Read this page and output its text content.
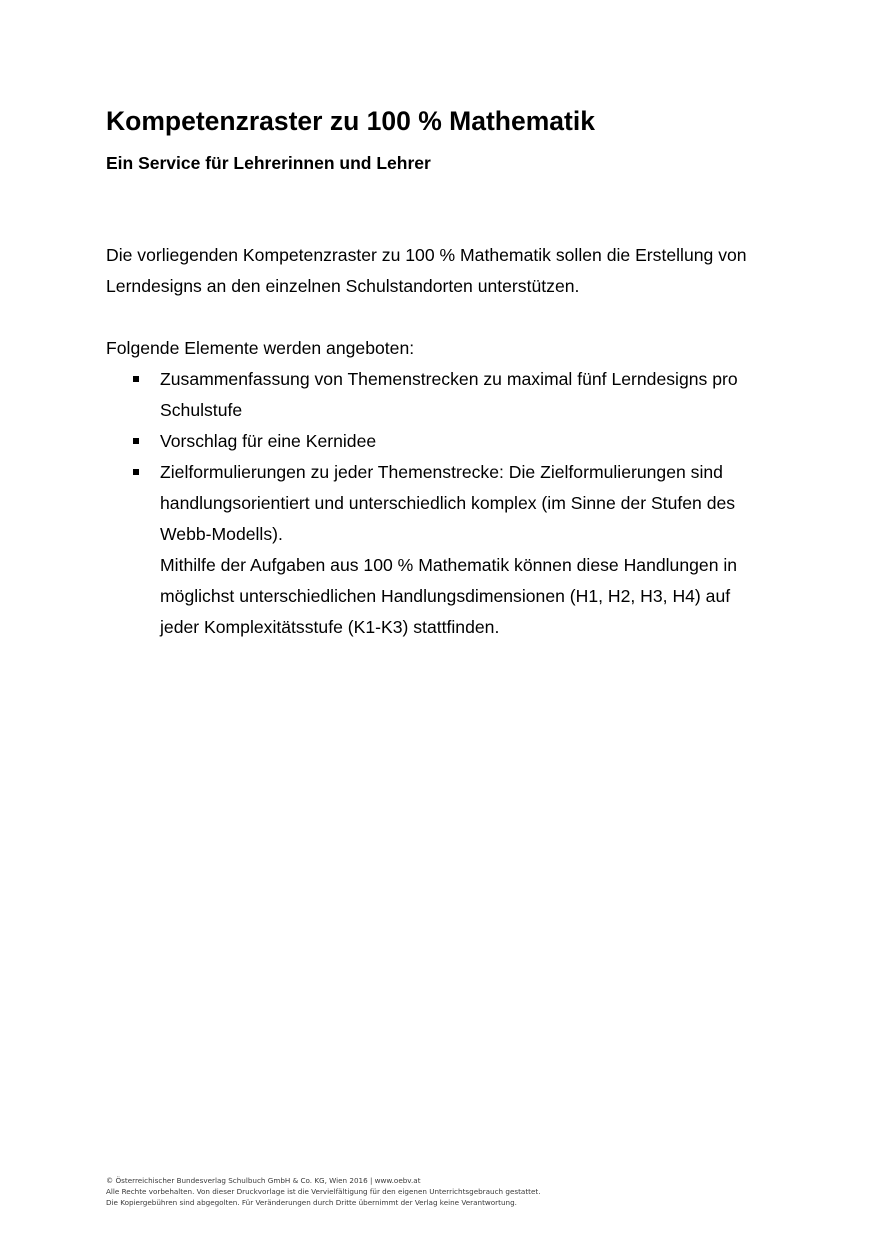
Kompetenzraster zu 100 % Mathematik
Ein Service für Lehrerinnen und Lehrer

Die vorliegenden Kompetenzraster zu 100 % Mathematik sollen die Erstellung von Lerndesigns an den einzelnen Schulstandorten unterstützen.

Folgende Elemente werden angeboten:

Zusammenfassung von Themenstrecken zu maximal fünf Lerndesigns pro Schulstufe

Vorschlag für eine Kernidee

Zielformulierungen zu jeder Themenstrecke: Die Zielformulierungen sind handlungsorientiert und unterschiedlich komplex (im Sinne der Stufen des Webb-Modells).

Mithilfe der Aufgaben aus 100 % Mathematik können diese Handlungen in möglichst unterschiedlichen Handlungsdimensionen (H1, H2, H3, H4) auf jeder Komplexitätsstufe (K1-K3) stattfinden.

© Österreichischer Bundesverlag Schulbuch GmbH & Co. KG, Wien 2016 | www.oebv.at
Alle Rechte vorbehalten. Von dieser Druckvorlage ist die Vervielfältigung für den eigenen Unterrichtsgebrauch gestattet.
Die Kopiergebühren sind abgegolten. Für Veränderungen durch Dritte übernimmt der Verlag keine Verantwortung.
